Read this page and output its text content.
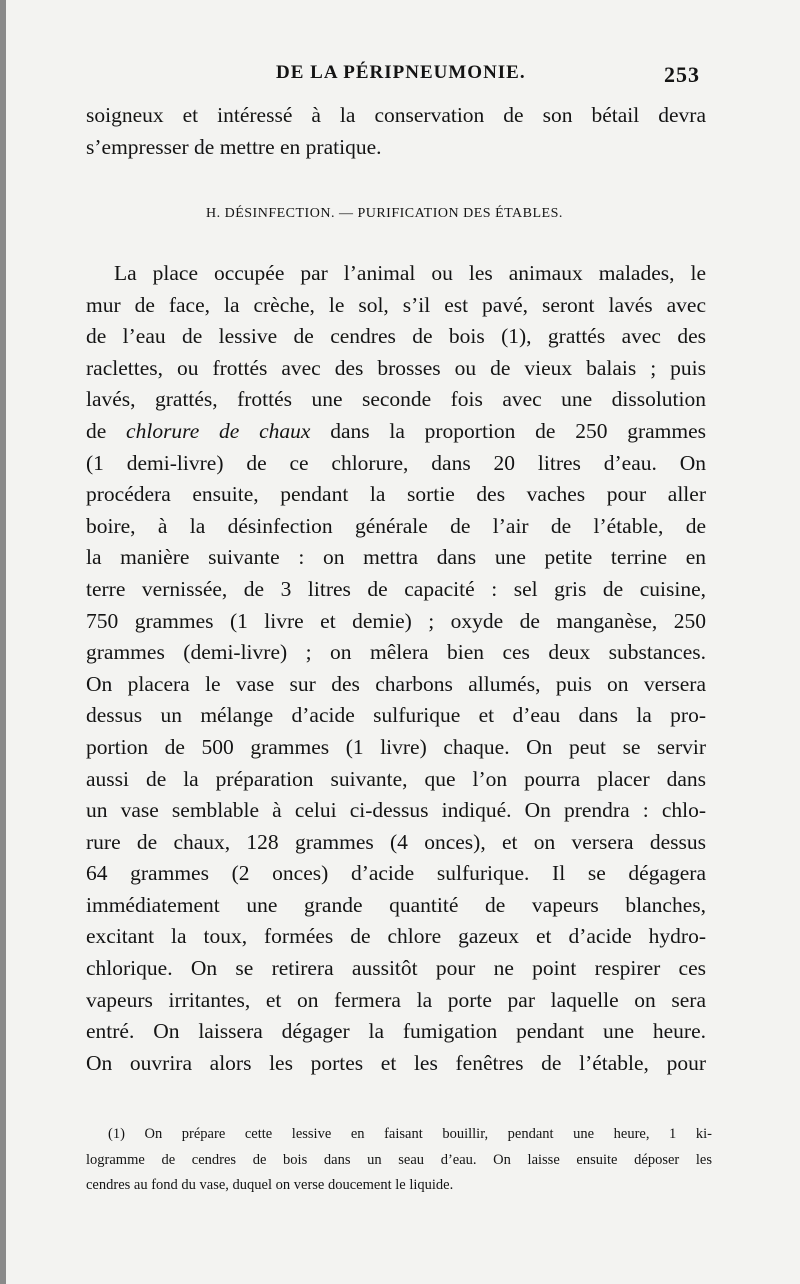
DE LA PÉRIPNEUMONIE.	253
soigneux et intéressé à la conservation de son bétail devra
s’empresser de mettre en pratique.
H. DÉSINFECTION. — PURIFICATION DES ÉTABLES.
La place occupée par l’animal ou les animaux malades, le
mur de face, la crèche, le sol, s’il est pavé, seront lavés avec
de l’eau de lessive de cendres de bois (1), grattés avec des
raclettes, ou frottés avec des brosses ou de vieux balais ; puis
lavés, grattés, frottés une seconde fois avec une dissolution
de chlorure de chaux dans la proportion de 250 grammes
(1 demi-livre) de ce chlorure, dans 20 litres d’eau. On
procédera ensuite, pendant la sortie des vaches pour aller
boire, à la désinfection générale de l’air de l’étable, de
la manière suivante : on mettra dans une petite terrine en
terre vernissée, de 3 litres de capacité : sel gris de cuisine,
750 grammes (1 livre et demie) ; oxyde de manganèse, 250
grammes (demi-livre) ; on mêlera bien ces deux substances.
On placera le vase sur des charbons allumés, puis on versera
dessus un mélange d’acide sulfurique et d’eau dans la pro-
portion de 500 grammes (1 livre) chaque. On peut se servir
aussi de la préparation suivante, que l’on pourra placer dans
un vase semblable à celui ci-dessus indiqué. On prendra : chlo-
rure de chaux, 128 grammes (4 onces), et on versera dessus
64 grammes (2 onces) d’acide sulfurique. Il se dégagera
immédiatement une grande quantité de vapeurs blanches,
excitant la toux, formées de chlore gazeux et d’acide hydro-
chlorique. On se retirera aussitôt pour ne point respirer ces
vapeurs irritantes, et on fermera la porte par laquelle on sera
entré. On laissera dégager la fumigation pendant une heure.
On ouvrira alors les portes et les fenêtres de l’étable, pour
(1) On prépare cette lessive en faisant bouillir, pendant une heure, 1 ki-
logramme de cendres de bois dans un seau d’eau. On laisse ensuite déposer les
cendres au fond du vase, duquel on verse doucement le liquide.
